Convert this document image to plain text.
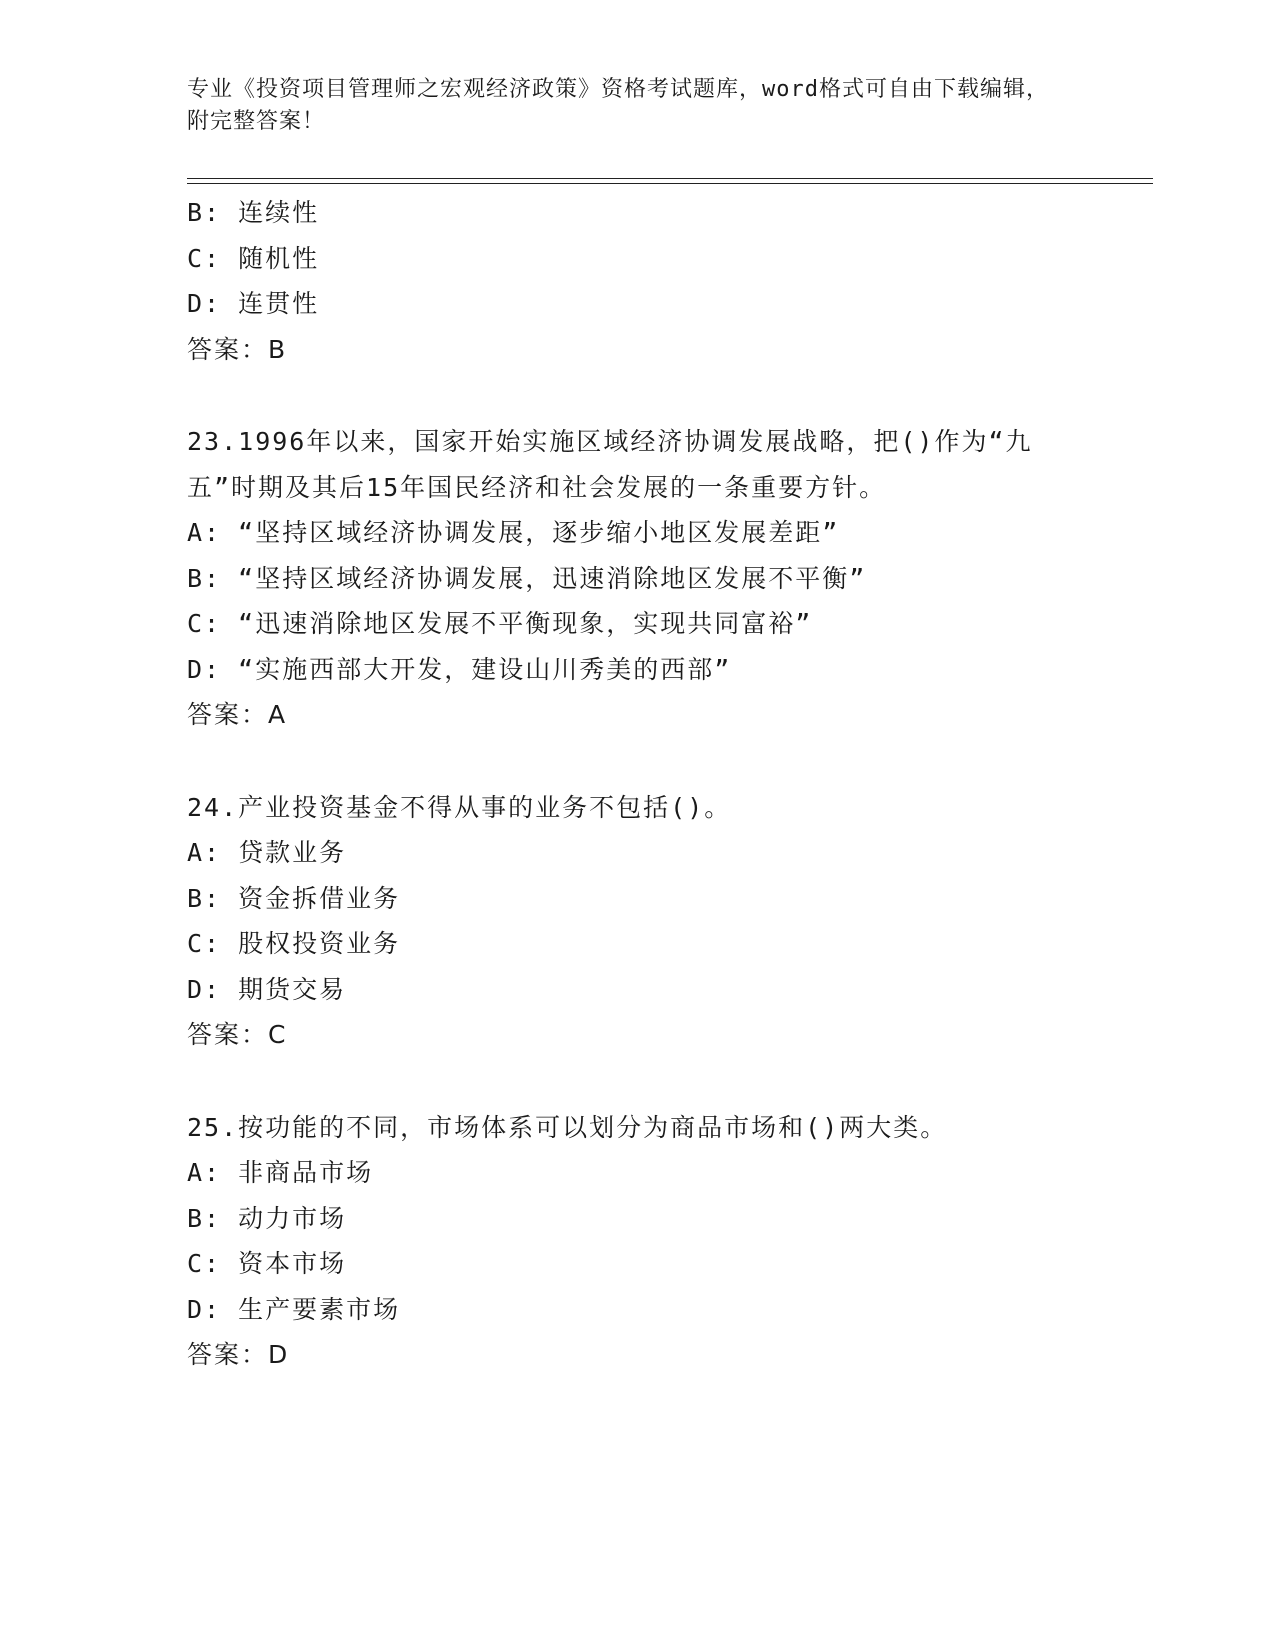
专业《投资项目管理师之宏观经济政策》资格考试题库，word格式可自由下载编辑，附完整答案！
B: 连续性
C: 随机性
D: 连贯性
答案：B
23.1996年以来，国家开始实施区域经济协调发展战略，把()作为“九
五”时期及其后15年国民经济和社会发展的一条重要方针。
A: “坚持区域经济协调发展，逐步缩小地区发展差距”
B: “坚持区域经济协调发展，迅速消除地区发展不平衡”
C: “迅速消除地区发展不平衡现象，实现共同富裕”
D: “实施西部大开发，建设山川秀美的西部”
答案：A
24.产业投资基金不得从事的业务不包括()。
A: 贷款业务
B: 资金拆借业务
C: 股权投资业务
D: 期货交易
答案：C
25.按功能的不同，市场体系可以划分为商品市场和()两大类。
A: 非商品市场
B: 动力市场
C: 资本市场
D: 生产要素市场
答案：D
